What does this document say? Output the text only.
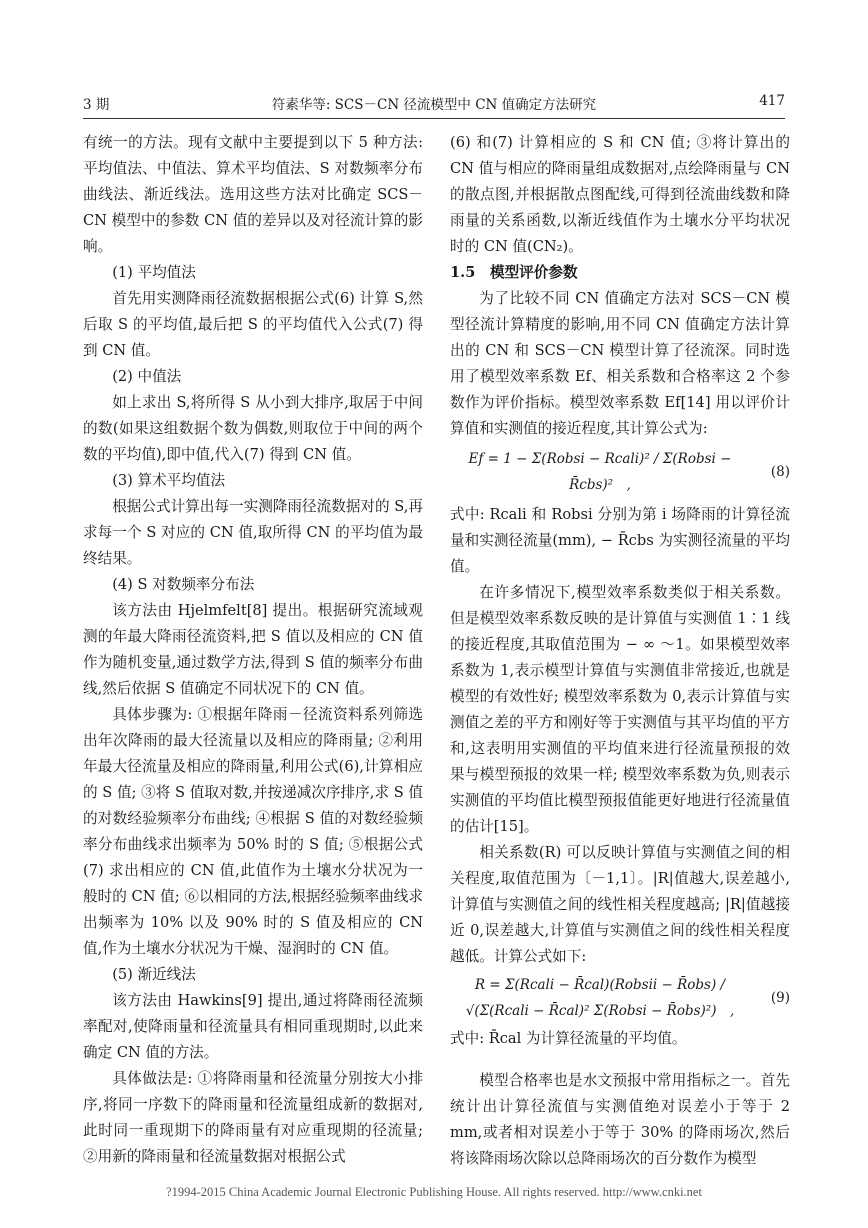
3 期	符素华等: SCS－CN 径流模型中 CN 值确定方法研究	417

有统一的方法。现有文献中主要提到以下 5 种方法: 平均值法、中值法、算术平均值法、S 对数频率分布曲线法、渐近线法。选用这些方法对比确定 SCS－CN 模型中的参数 CN 值的差异以及对径流计算的影响。

(1) 平均值法

首先用实测降雨径流数据根据公式(6) 计算 S,然后取 S 的平均值,最后把 S 的平均值代入公式(7) 得到 CN 值。

(2) 中值法

如上求出 S,将所得 S 从小到大排序,取居于中间的数(如果这组数据个数为偶数,则取位于中间的两个数的平均值),即中值,代入(7) 得到 CN 值。

(3) 算术平均值法

根据公式计算出每一实测降雨径流数据对的 S,再求每一个 S 对应的 CN 值,取所得 CN 的平均值为最终结果。

(4) S 对数频率分布法

该方法由 Hjelmfelt[8] 提出。根据研究流域观测的年最大降雨径流资料,把 S 值以及相应的 CN 值作为随机变量,通过数学方法,得到 S 值的频率分布曲线,然后依据 S 值确定不同状况下的 CN 值。

具体步骤为: ①根据年降雨－径流资料系列筛选出年次降雨的最大径流量以及相应的降雨量; ②利用年最大径流量及相应的降雨量,利用公式(6),计算相应的 S 值; ③将 S 值取对数,并按递减次序排序,求 S 值的对数经验频率分布曲线; ④根据 S 值的对数经验频率分布曲线求出频率为 50% 时的 S 值; ⑤根据公式(7) 求出相应的 CN 值,此值作为土壤水分状况为一般时的 CN 值; ⑥以相同的方法,根据经验频率曲线求出频率为 10% 以及 90% 时的 S 值及相应的 CN 值,作为土壤水分状况为干燥、湿润时的 CN 值。

(5) 渐近线法

该方法由 Hawkins[9] 提出,通过将降雨径流频率配对,使降雨量和径流量具有相同重现期时,以此来确定 CN 值的方法。

具体做法是: ①将降雨量和径流量分别按大小排序,将同一序数下的降雨量和径流量组成新的数据对,此时同一重现期下的降雨量有对应重现期的径流量; ②用新的降雨量和径流量数据对根据公式

(6) 和(7) 计算相应的 S 和 CN 值; ③将计算出的 CN 值与相应的降雨量组成数据对,点绘降雨量与 CN 的散点图,并根据散点图配线,可得到径流曲线数和降雨量的关系函数,以渐近线值作为土壤水分平均状况时的 CN 值(CN₂)。

1.5　模型评价参数

为了比较不同 CN 值确定方法对 SCS－CN 模型径流计算精度的影响,用不同 CN 值确定方法计算出的 CN 和 SCS－CN 模型计算了径流深。同时选用了模型效率系数 Ef、相关系数和合格率这 2 个参数作为评价指标。模型效率系数 Ef[14] 用以评价计算值和实测值的接近程度,其计算公式为:

Ef = 1 − Σ(Robsi − Rcali)² / Σ(Robsi − R̄cbs)²　,
(8)

式中: Rcali 和 Robsi 分别为第 i 场降雨的计算径流量和实测径流量(mm), − R̄cbs 为实测径流量的平均值。

在许多情况下,模型效率系数类似于相关系数。但是模型效率系数反映的是计算值与实测值 1∶1 线的接近程度,其取值范围为 − ∞ ～1。如果模型效率系数为 1,表示模型计算值与实测值非常接近,也就是模型的有效性好; 模型效率系数为 0,表示计算值与实测值之差的平方和刚好等于实测值与其平均值的平方和,这表明用实测值的平均值来进行径流量预报的效果与模型预报的效果一样; 模型效率系数为负,则表示实测值的平均值比模型预报值能更好地进行径流量值的估计[15]。

相关系数(R) 可以反映计算值与实测值之间的相关程度,取值范围为〔－1,1〕。|R|值越大,误差越小,计算值与实测值之间的线性相关程度越高; |R|值越接近 0,误差越大,计算值与实测值之间的线性相关程度越低。计算公式如下:

R = Σ(Rcali − R̄cal)(Robsii − R̄obs) / √(Σ(Rcali − R̄cal)² Σ(Robsi − R̄obs)²)　,
(9)

式中: R̄cal 为计算径流量的平均值。

模型合格率也是水文预报中常用指标之一。首先统计出计算径流值与实测值绝对误差小于等于 2 mm,或者相对误差小于等于 30% 的降雨场次,然后将该降雨场次除以总降雨场次的百分数作为模型

?1994-2015 China Academic Journal Electronic Publishing House. All rights reserved. http://www.cnki.net
